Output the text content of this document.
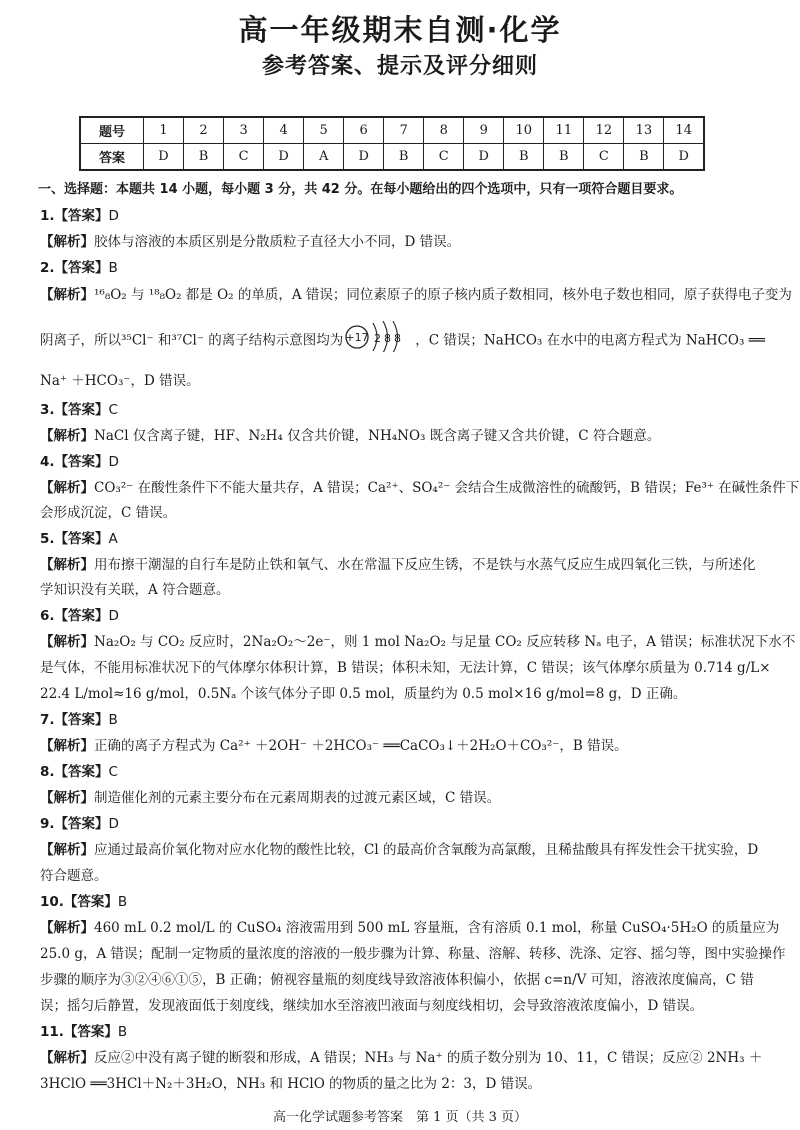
高一年级期末自测·化学
参考答案、提示及评分细则
题号	1	2	3	4	5	6	7	8	9	10	11	12	13	14
答案	D	B	C	D	A	D	B	C	D	B	B	C	B	D
一、选择题：本题共 14 小题，每小题 3 分，共 42 分。在每小题给出的四个选项中，只有一项符合题目要求。
1.【答案】D
【解析】胶体与溶液的本质区别是分散质粒子直径大小不同，D 错误。
2.【答案】B
【解析】¹⁶₈O₂ 与 ¹⁸₈O₂ 都是 O₂ 的单质，A 错误；同位素原子的原子核内质子数相同，核外电子数也相同，原子获得电子变为
阴离子，所以³⁵Cl⁻ 和³⁷Cl⁻ 的离子结构示意图均为 +17 2 8 8 ，C 错误；NaHCO₃ 在水中的电离方程式为 NaHCO₃ ══
Na⁺ ＋HCO₃⁻，D 错误。
3.【答案】C
【解析】NaCl 仅含离子键，HF、N₂H₄ 仅含共价键，NH₄NO₃ 既含离子键又含共价键，C 符合题意。
4.【答案】D
【解析】CO₃²⁻ 在酸性条件下不能大量共存，A 错误；Ca²⁺、SO₄²⁻ 会结合生成微溶性的硫酸钙，B 错误；Fe³⁺ 在碱性条件下
会形成沉淀，C 错误。
5.【答案】A
【解析】用布擦干潮湿的自行车是防止铁和氧气、水在常温下反应生锈，不是铁与水蒸气反应生成四氧化三铁，与所述化
学知识没有关联，A 符合题意。
6.【答案】D
【解析】Na₂O₂ 与 CO₂ 反应时，2Na₂O₂～2e⁻，则 1 mol Na₂O₂ 与足量 CO₂ 反应转移 Nₐ 电子，A 错误；标准状况下水不
是气体，不能用标准状况下的气体摩尔体积计算，B 错误；体积未知，无法计算，C 错误；该气体摩尔质量为 0.714 g/L×
22.4 L/mol≈16 g/mol，0.5Nₐ 个该气体分子即 0.5 mol，质量约为 0.5 mol×16 g/mol=8 g，D 正确。
7.【答案】B
【解析】正确的离子方程式为 Ca²⁺ ＋2OH⁻ ＋2HCO₃⁻ ══CaCO₃↓＋2H₂O＋CO₃²⁻，B 错误。
8.【答案】C
【解析】制造催化剂的元素主要分布在元素周期表的过渡元素区域，C 错误。
9.【答案】D
【解析】应通过最高价氧化物对应水化物的酸性比较，Cl 的最高价含氧酸为高氯酸，且稀盐酸具有挥发性会干扰实验，D
符合题意。
10.【答案】B
【解析】460 mL 0.2 mol/L 的 CuSO₄ 溶液需用到 500 mL 容量瓶，含有溶质 0.1 mol，称量 CuSO₄·5H₂O 的质量应为
25.0 g，A 错误；配制一定物质的量浓度的溶液的一般步骤为计算、称量、溶解、转移、洗涤、定容、摇匀等，图中实验操作
步骤的顺序为③②④⑥①⑤，B 正确；俯视容量瓶的刻度线导致溶液体积偏小，依据 c=n/V 可知，溶液浓度偏高，C 错
误；摇匀后静置，发现液面低于刻度线，继续加水至溶液凹液面与刻度线相切，会导致溶液浓度偏小，D 错误。
11.【答案】B
【解析】反应②中没有离子键的断裂和形成，A 错误；NH₃ 与 Na⁺ 的质子数分别为 10、11，C 错误；反应② 2NH₃ ＋
3HClO ══3HCl＋N₂＋3H₂O，NH₃ 和 HClO 的物质的量之比为 2：3，D 错误。
高一化学试题参考答案　第 1 页（共 3 页）
